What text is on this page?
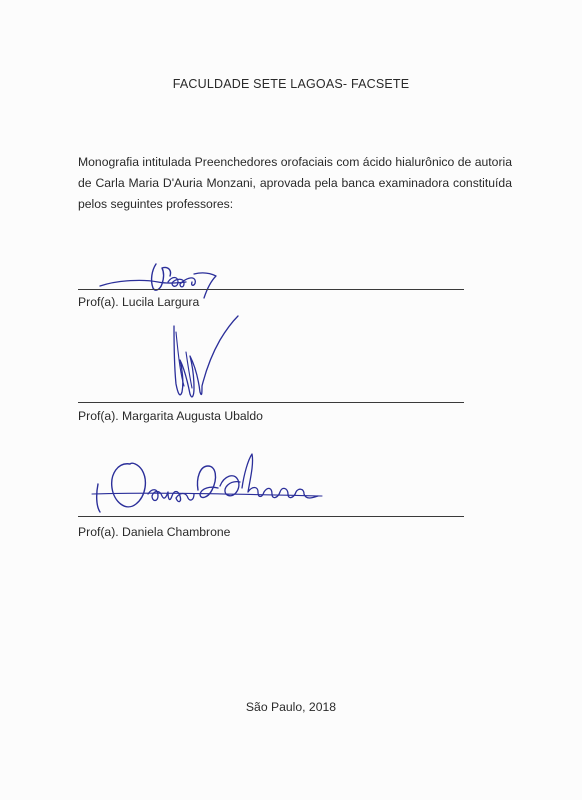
FACULDADE SETE LAGOAS- FACSETE
Monografia intitulada Preenchedores orofaciais com ácido hialurônico de autoria de Carla Maria D'Auria Monzani, aprovada pela banca examinadora constituída pelos seguintes professores:
Prof(a). Lucila Largura
Prof(a). Margarita Augusta Ubaldo
Prof(a). Daniela Chambrone
São Paulo, 2018
